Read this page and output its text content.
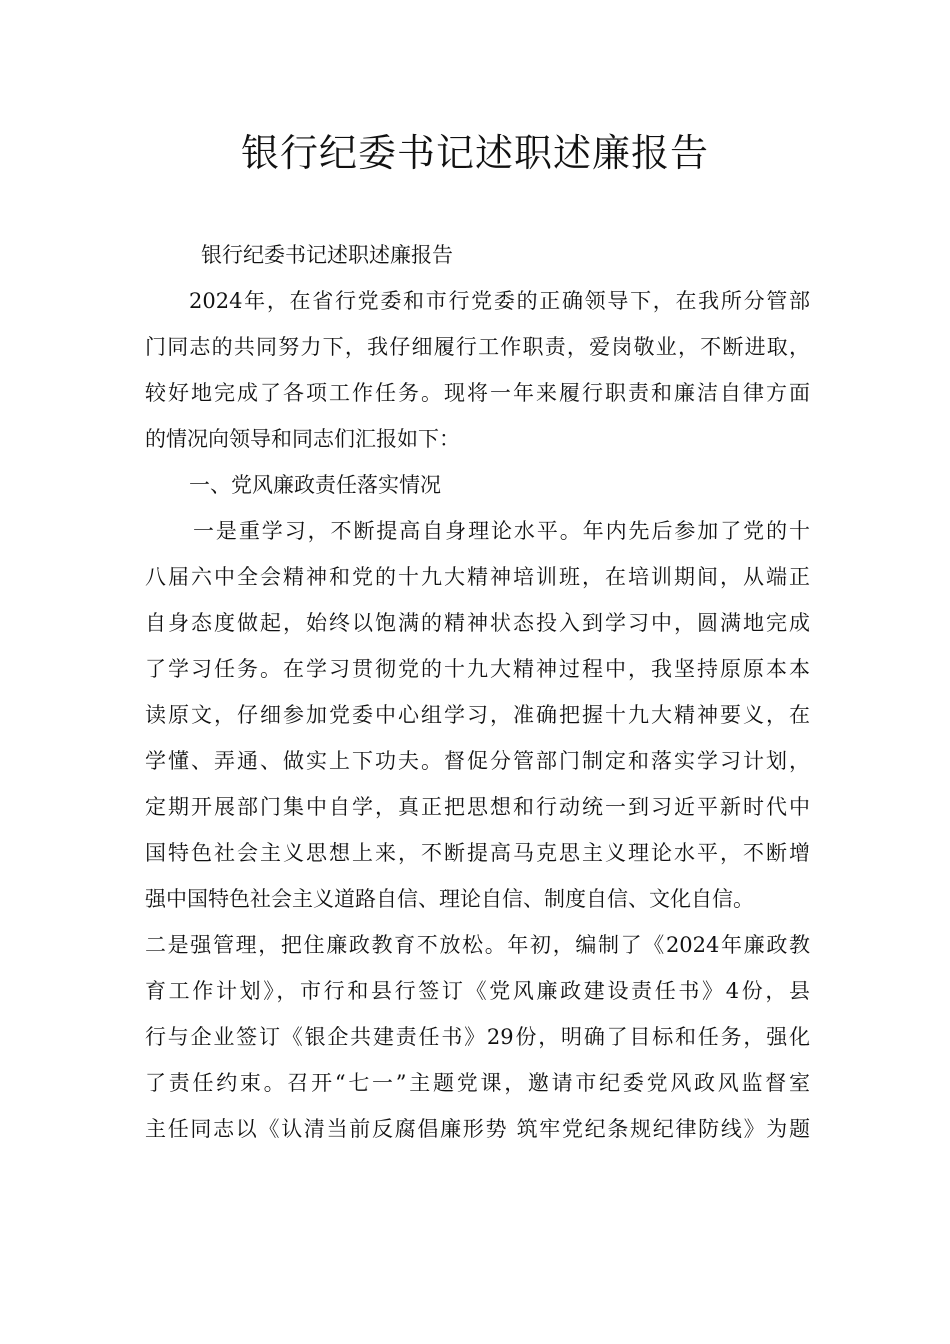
银行纪委书记述职述廉报告
银行纪委书记述职述廉报告
2024年，在省行党委和市行党委的正确领导下，在我所分管部
门同志的共同努力下，我仔细履行工作职责，爱岗敬业，不断进取，
较好地完成了各项工作任务。现将一年来履行职责和廉洁自律方面
的情况向领导和同志们汇报如下：
一、党风廉政责任落实情况
一是重学习，不断提高自身理论水平。年内先后参加了党的十
八届六中全会精神和党的十九大精神培训班，在培训期间，从端正
自身态度做起，始终以饱满的精神状态投入到学习中，圆满地完成
了学习任务。在学习贯彻党的十九大精神过程中，我坚持原原本本
读原文，仔细参加党委中心组学习，准确把握十九大精神要义，在
学懂、弄通、做实上下功夫。督促分管部门制定和落实学习计划，
定期开展部门集中自学，真正把思想和行动统一到习近平新时代中
国特色社会主义思想上来，不断提高马克思主义理论水平，不断增
强中国特色社会主义道路自信、理论自信、制度自信、文化自信。
二是强管理，把住廉政教育不放松。年初，编制了《2024年廉政教
育工作计划》，市行和县行签订《党风廉政建设责任书》4份，县
行与企业签订《银企共建责任书》29份，明确了目标和任务，强化
了责任约束。召开“七一”主题党课，邀请市纪委党风政风监督室
主任同志以《认清当前反腐倡廉形势 筑牢党纪条规纪律防线》为题
